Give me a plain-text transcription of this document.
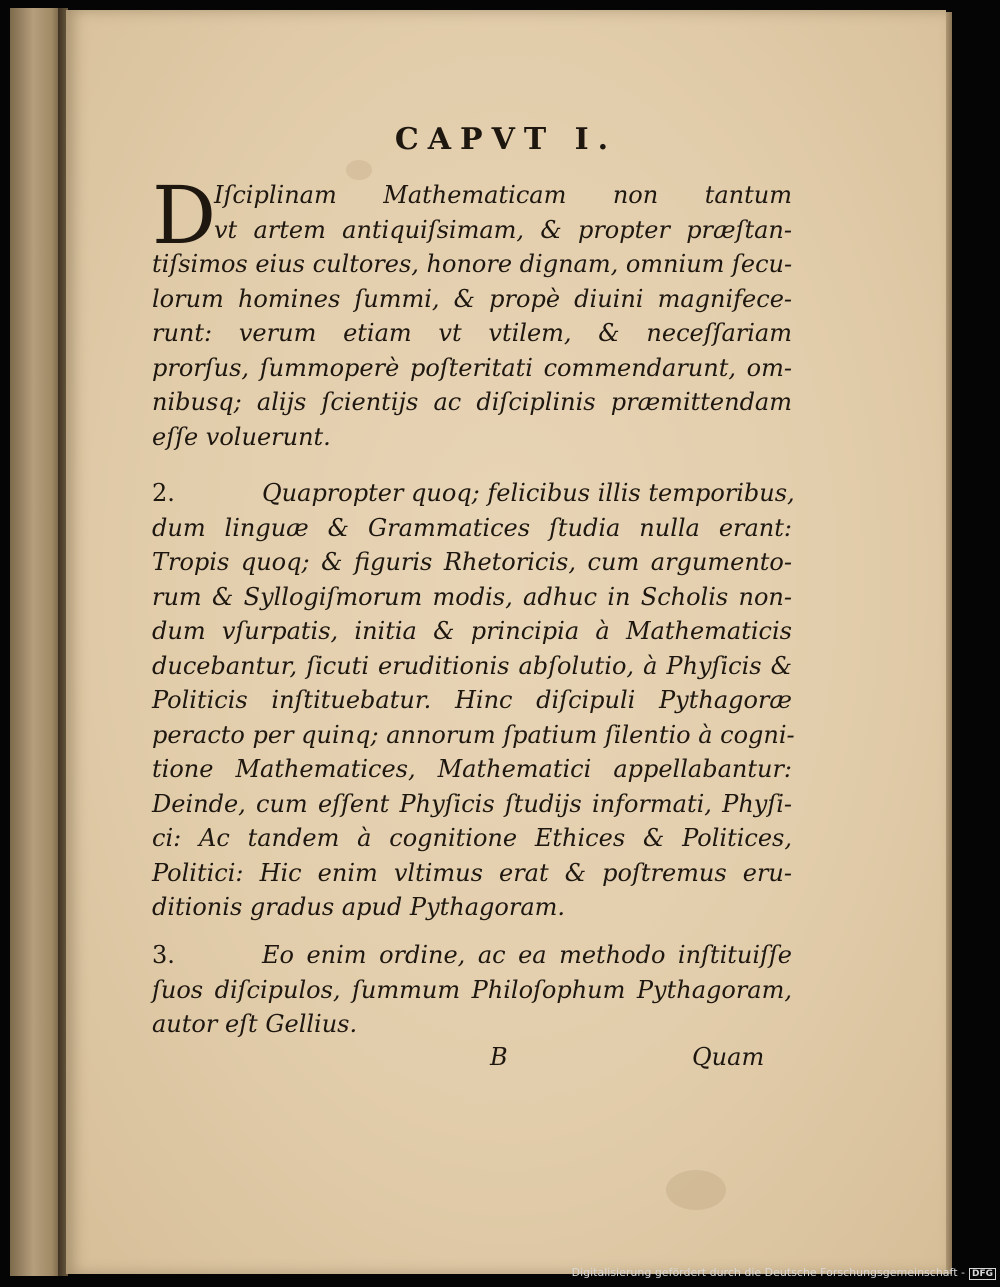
CAPVT I.
D
Iſciplinam Mathematicam non tantum
vt artem antiquiſsimam, & propter præſtan-
tiſsimos eius cultores, honore dignam, omnium ſecu-
lorum homines ſummi, & propè diuini magnifece-
runt: verum etiam vt vtilem, & neceſſariam
prorſus, ſummoperè poſteritati commendarunt, om-
nibusq; alijs ſcientijs ac diſciplinis præmittendam
eſſe voluerunt.
2.	Quapropter quoq; felicibus illis temporibus,
dum linguæ & Grammatices ſtudia nulla erant:
Tropis quoq; & figuris Rhetoricis, cum argumento-
rum & Syllogiſmorum modis, adhuc in Scholis non-
dum vſurpatis, initia & principia à Mathematicis
ducebantur, ſicuti eruditionis abſolutio, à Phyſicis &
Politicis inſtituebatur. Hinc diſcipuli Pythagoræ
peracto per quinq; annorum ſpatium ſilentio à cogni-
tione Mathematices, Mathematici appellabantur:
Deinde, cum eſſent Phyſicis ſtudijs informati, Phyſi-
ci: Ac tandem à cognitione Ethices & Politices,
Politici: Hic enim vltimus erat & poſtremus eru-
ditionis gradus apud Pythagoram.
3.	Eo enim ordine, ac ea methodo inſtituiſſe
ſuos diſcipulos, ſummum Philoſophum Pythagoram,
autor eſt Gellius.
B	Quam
Digitalisierung gefördert durch die Deutsche Forschungsgemeinschaft - DFG
